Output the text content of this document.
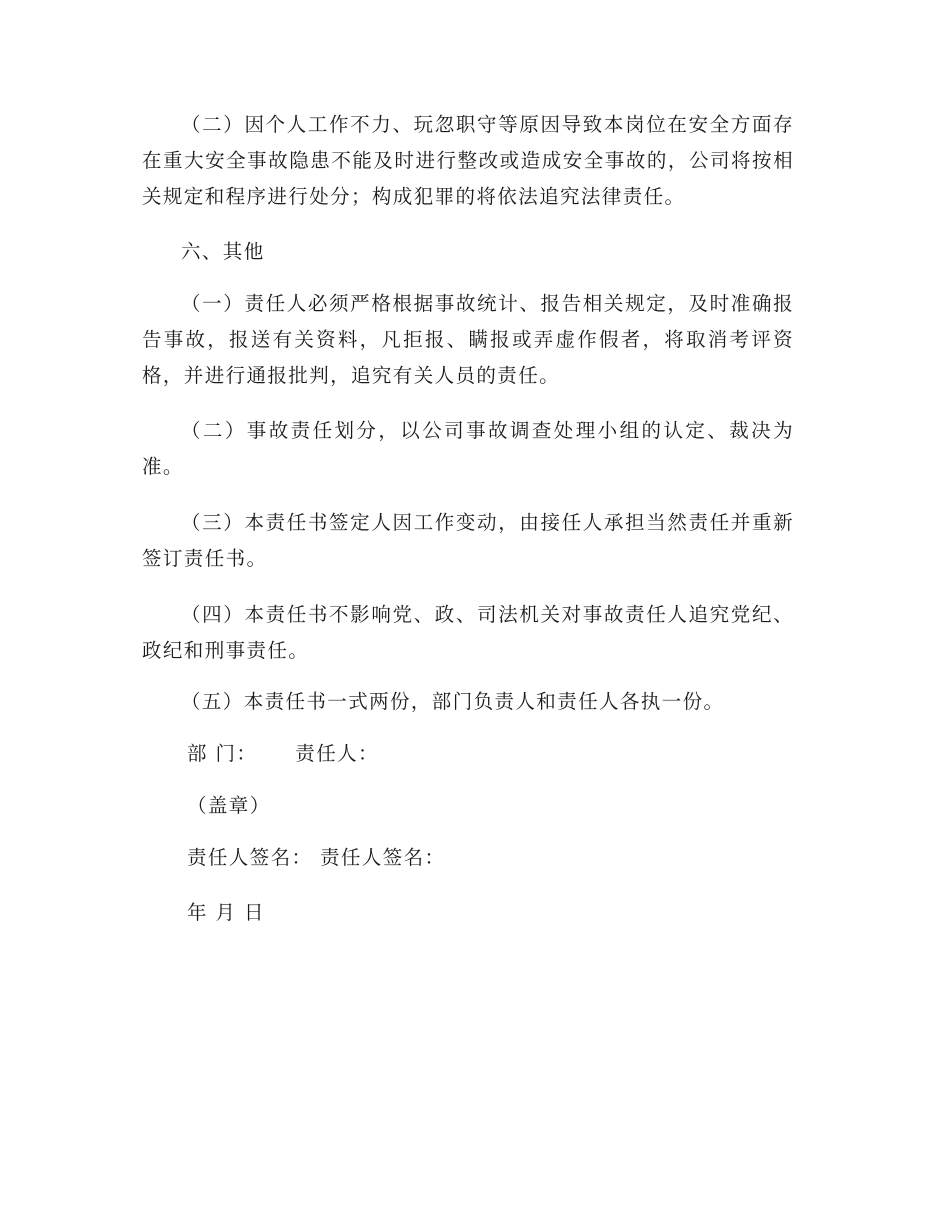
（二）因个人工作不力、玩忽职守等原因导致本岗位在安全方面存在重大安全事故隐患不能及时进行整改或造成安全事故的，公司将按相关规定和程序进行处分；构成犯罪的将依法追究法律责任。

六、其他

（一）责任人必须严格根据事故统计、报告相关规定，及时准确报告事故，报送有关资料，凡拒报、瞒报或弄虚作假者，将取消考评资格，并进行通报批判，追究有关人员的责任。

（二）事故责任划分，以公司事故调查处理小组的认定、裁决为准。

（三）本责任书签定人因工作变动，由接任人承担当然责任并重新签订责任书。

（四）本责任书不影响党、政、司法机关对事故责任人追究党纪、政纪和刑事责任。

（五）本责任书一式两份，部门负责人和责任人各执一份。

部 门：     责任人：

（盖章）

责任人签名： 责任人签名：

年 月 日
